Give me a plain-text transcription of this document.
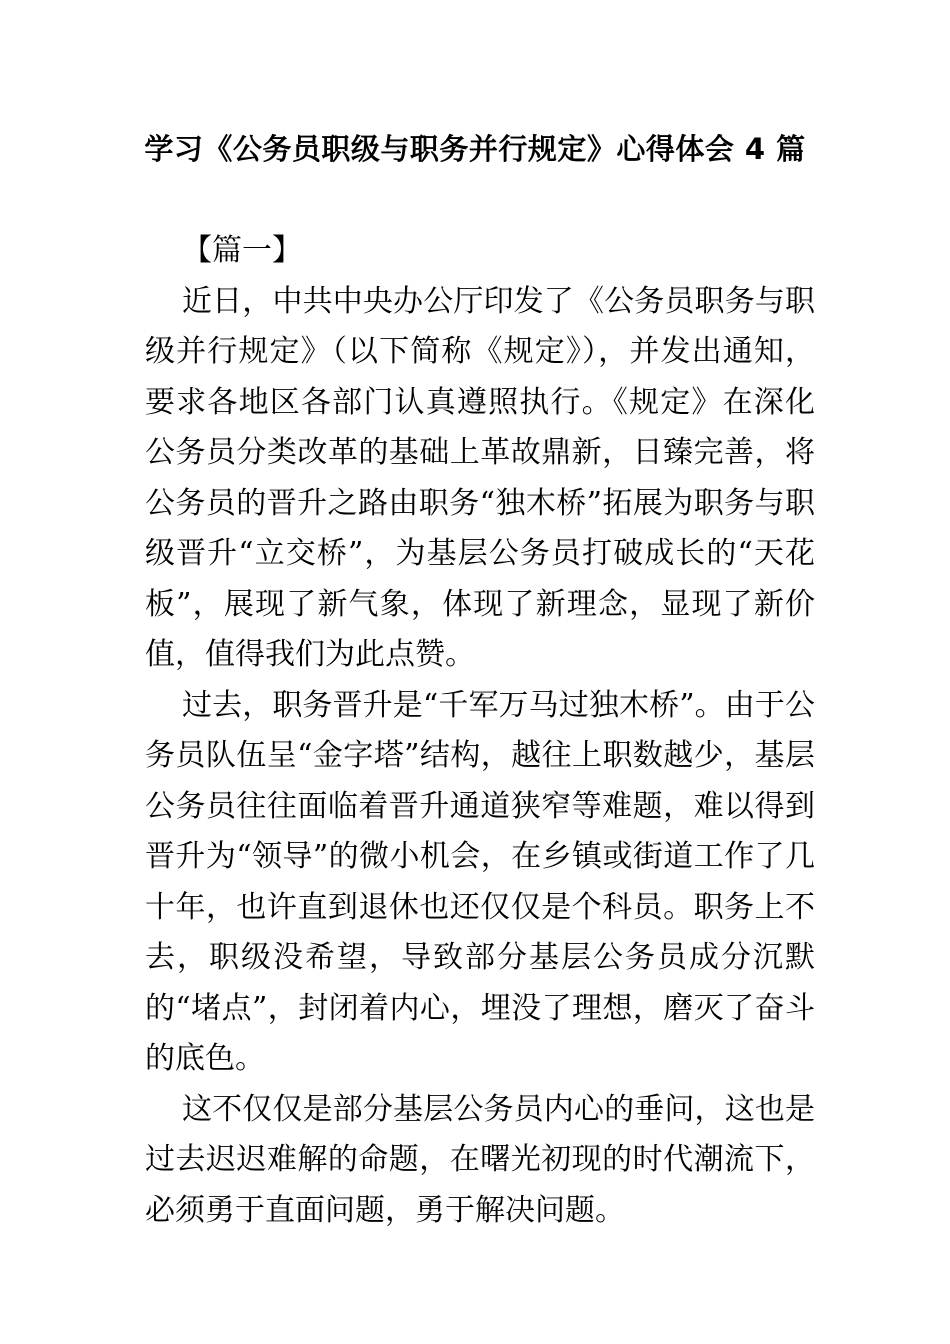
学习《公务员职级与职务并行规定》心得体会 4 篇

【篇一】

近日，中共中央办公厅印发了《公务员职务与职级并行规定》（以下简称《规定》），并发出通知，要求各地区各部门认真遵照执行。《规定》在深化公务员分类改革的基础上革故鼎新，日臻完善，将公务员的晋升之路由职务“独木桥”拓展为职务与职级晋升“立交桥”，为基层公务员打破成长的“天花板”，展现了新气象，体现了新理念，显现了新价值，值得我们为此点赞。

过去，职务晋升是“千军万马过独木桥”。由于公务员队伍呈“金字塔”结构，越往上职数越少，基层公务员往往面临着晋升通道狭窄等难题，难以得到晋升为“领导”的微小机会，在乡镇或街道工作了几十年，也许直到退休也还仅仅是个科员。职务上不去，职级没希望，导致部分基层公务员成分沉默的“堵点”，封闭着内心，埋没了理想，磨灭了奋斗的底色。

这不仅仅是部分基层公务员内心的垂问，这也是过去迟迟难解的命题，在曙光初现的时代潮流下，必须勇于直面问题，勇于解决问题。
